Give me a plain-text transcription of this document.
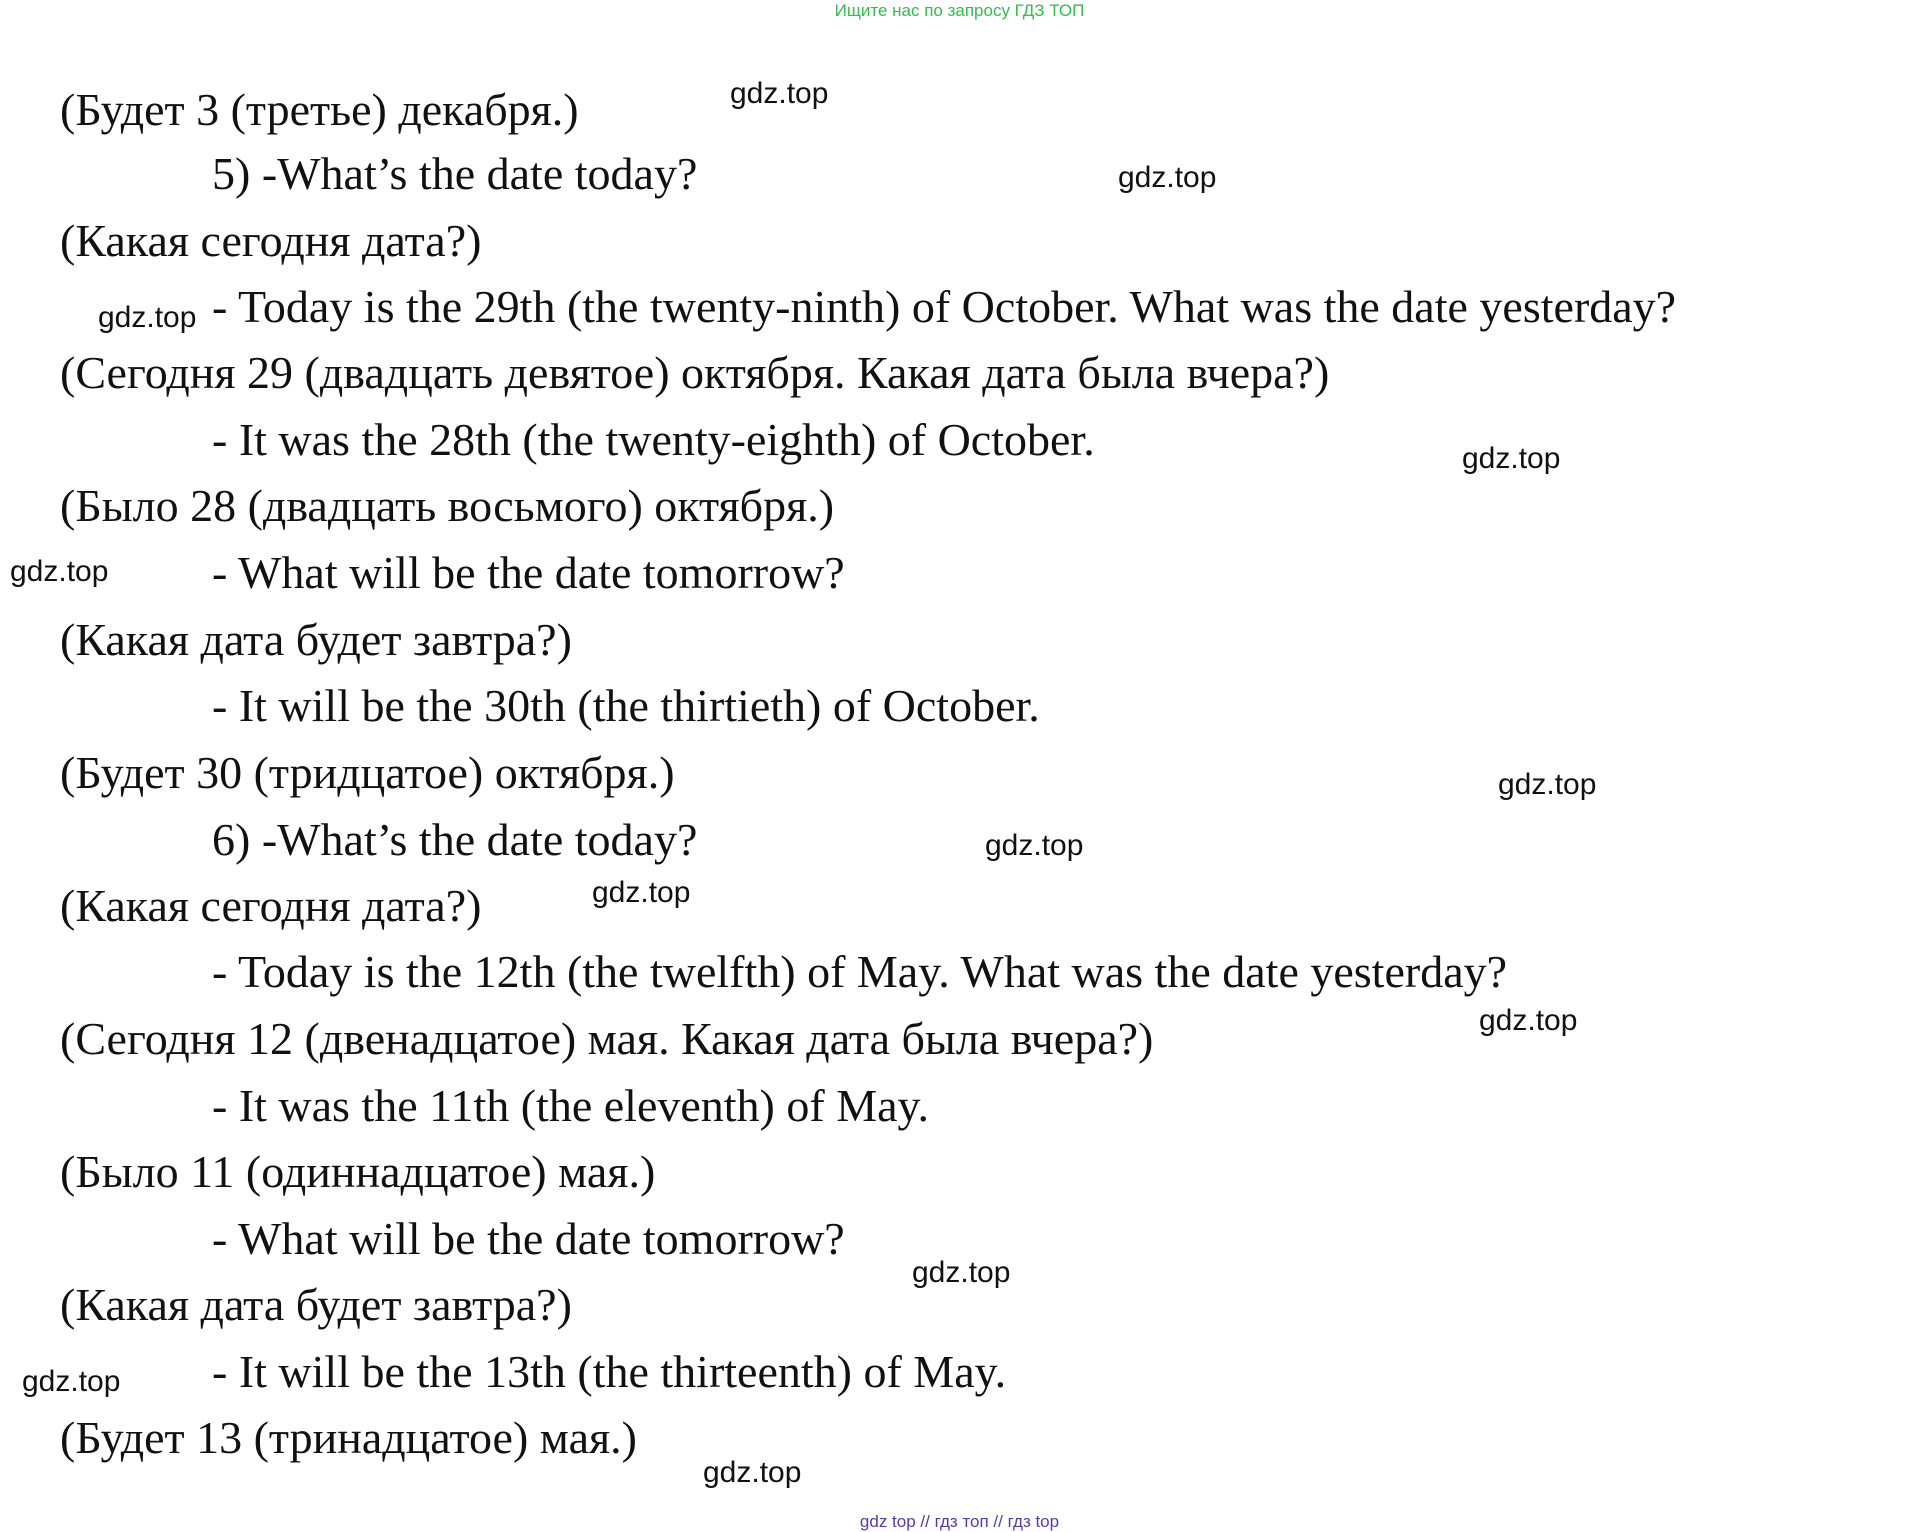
Ищите нас по запросу ГДЗ ТОП
(Будет 3 (третье) декабря.)
5) -What’s the date today?
(Какая сегодня дата?)
- Today is the 29th (the twenty-ninth) of October. What was the date yesterday?
(Сегодня 29 (двадцать девятое) октября. Какая дата была вчера?)
- It was the 28th (the twenty-eighth) of October.
(Было 28 (двадцать восьмого) октября.)
- What will be the date tomorrow?
(Какая дата будет завтра?)
- It will be the 30th (the thirtieth) of October.
(Будет 30 (тридцатое) октября.)
6) -What’s the date today?
(Какая сегодня дата?)
- Today is the 12th (the twelfth) of May. What was the date yesterday?
(Сегодня 12 (двенадцатое) мая. Какая дата была вчера?)
- It was the 11th (the eleventh) of May.
(Было 11 (одиннадцатое) мая.)
- What will be the date tomorrow?
(Какая дата будет завтра?)
- It will be the 13th (the thirteenth) of May.
(Будет 13 (тринадцатое) мая.)
gdz.top
gdz.top
gdz.top
gdz.top
gdz.top
gdz.top
gdz.top
gdz.top
gdz.top
gdz.top
gdz.top
gdz.top
gdz top // гдз топ // гдз top
